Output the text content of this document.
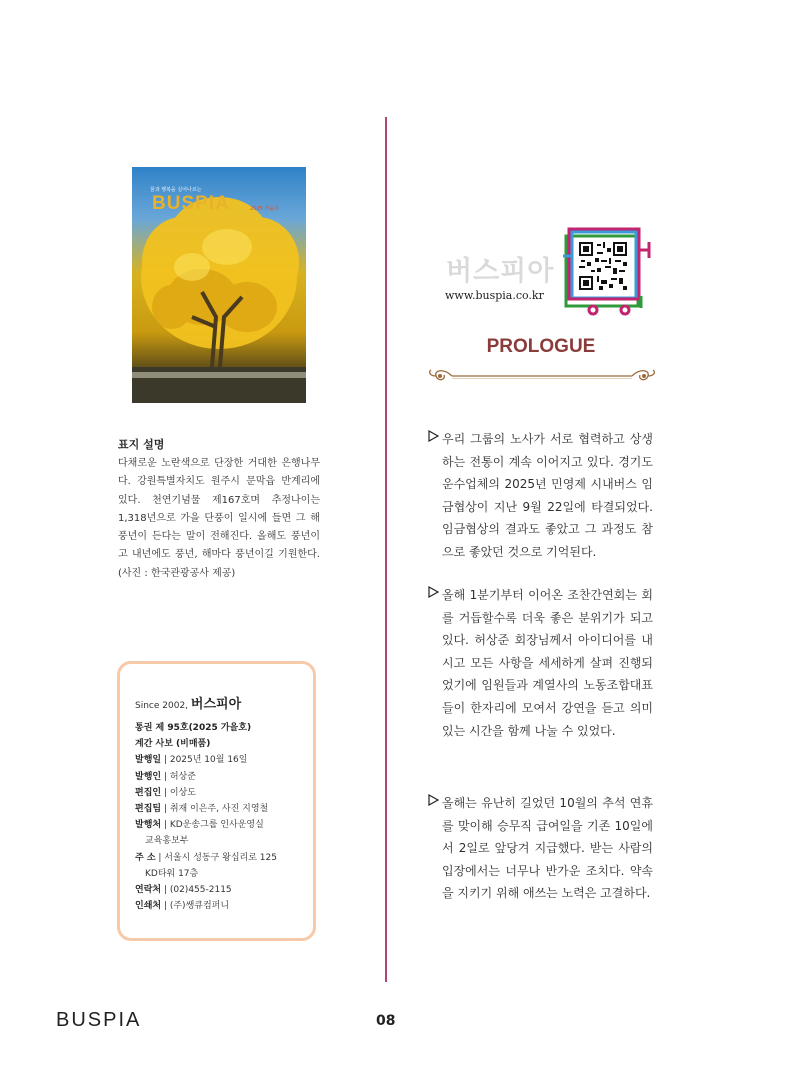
꿈과 행복을 실어나르는
BUSPIA	2025 가을호
표지 설명
다채로운 노란색으로 단장한 거대한 은행나무다. 강원특별자치도 원주시 문막읍 반계리에 있다. 천연기념물 제167호며 추정나이는 1,318년으로 가을 단풍이 일시에 들면 그 해 풍년이 든다는 말이 전해진다. 올해도 풍년이고 내년에도 풍년, 해마다 풍년이길 기원한다. (사진 : 한국관광공사 제공)
Since 2002, 버스피아
통권 제 95호(2025 가을호)
계간 사보 (비매품)
발행일 | 2025년 10월 16일
발행인 | 허상준
편집인 | 이상도
편집팀 | 취재 이은주, 사진 지영철
발행처 | KD운송그룹 인사운영실
교육홍보부
주 소 | 서울시 성동구 왕십리로 125
KD타워 17층
연락처 | (02)455-2115
인쇄처 | (주)쌩큐컴퍼니
버스피아
www.buspia.co.kr
PROLOGUE
우리 그룹의 노사가 서로 협력하고 상생하는 전통이 계속 이어지고 있다. 경기도 운수업체의 2025년 민영제 시내버스 임금협상이 지난 9월 22일에 타결되었다. 임금협상의 결과도 좋았고 그 과정도 참으로 좋았던 것으로 기억된다.
올해 1분기부터 이어온 조찬간연회는 회를 거듭할수록 더욱 좋은 분위기가 되고 있다. 허상준 회장님께서 아이디어를 내시고 모든 사항을 세세하게 살펴 진행되었기에 임원들과 계열사의 노동조합대표들이 한자리에 모여서 강연을 듣고 의미있는 시간을 함께 나눌 수 있었다.
올해는 유난히 길었던 10월의 추석 연휴를 맞이해 승무직 급여일을 기존 10일에서 2일로 앞당겨 지급했다. 받는 사람의 입장에서는 너무나 반가운 조치다. 약속을 지키기 위해 애쓰는 노력은 고결하다.
BUSPIA	08
